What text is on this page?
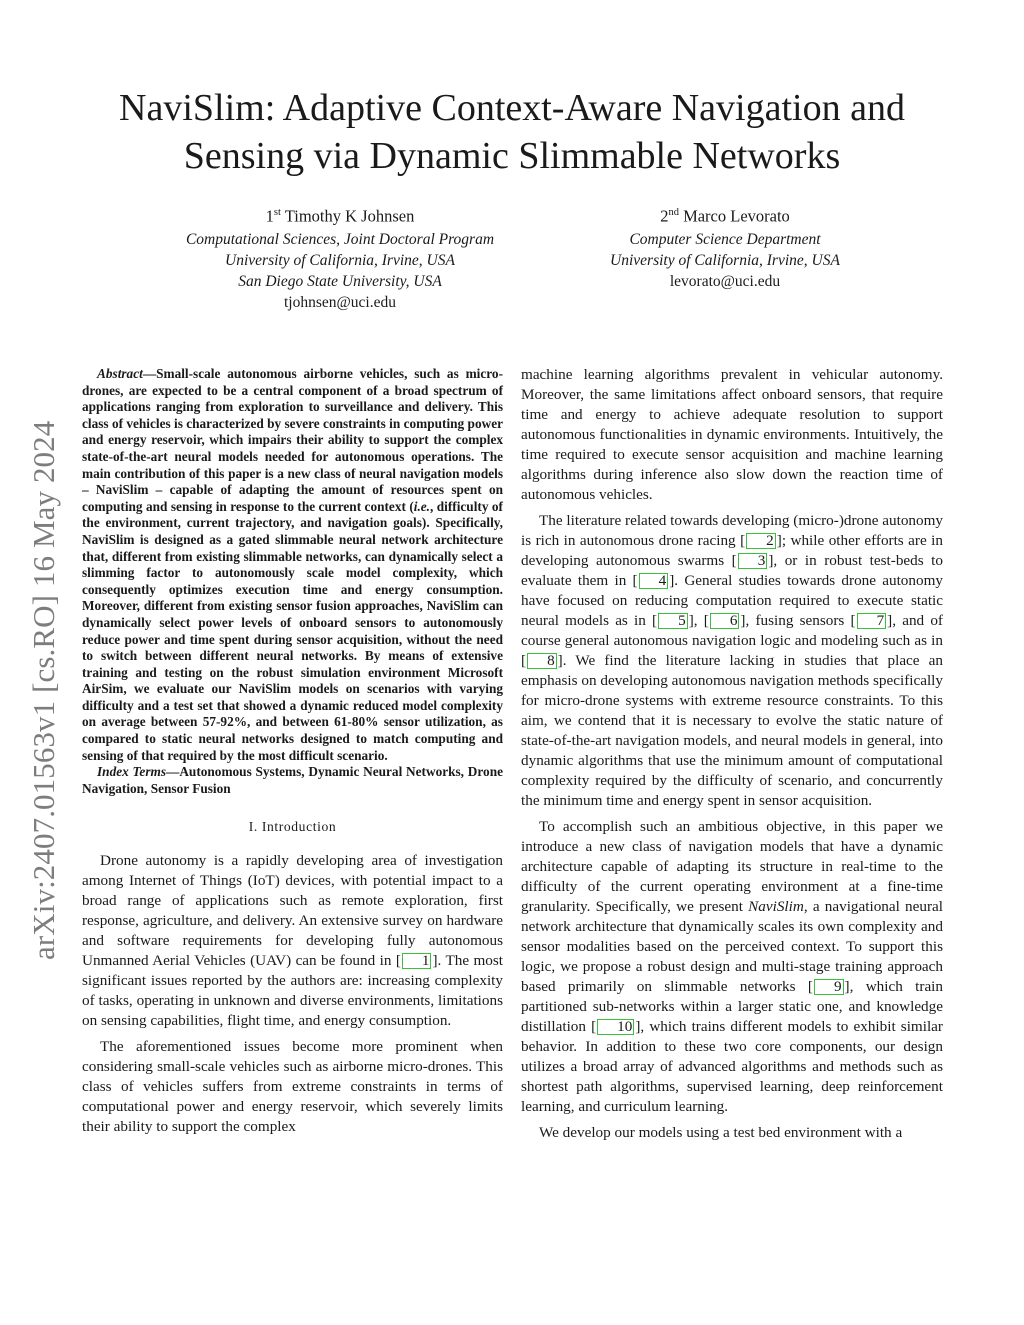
arXiv:2407.01563v1 [cs.RO] 16 May 2024
NaviSlim: Adaptive Context-Aware Navigation and Sensing via Dynamic Slimmable Networks
1st Timothy K Johnsen
Computational Sciences, Joint Doctoral Program
University of California, Irvine, USA
San Diego State University, USA
tjohnsen@uci.edu
2nd Marco Levorato
Computer Science Department
University of California, Irvine, USA
levorato@uci.edu

Abstract—Small-scale autonomous airborne vehicles, such as micro-drones, are expected to be a central component of a broad spectrum of applications ranging from exploration to surveillance and delivery. This class of vehicles is characterized by severe constraints in computing power and energy reservoir, which impairs their ability to support the complex state-of-the-art neural models needed for autonomous operations. The main contribution of this paper is a new class of neural navigation models – NaviSlim – capable of adapting the amount of resources spent on computing and sensing in response to the current context (i.e., difficulty of the environment, current trajectory, and navigation goals). Specifically, NaviSlim is designed as a gated slimmable neural network architecture that, different from existing slimmable networks, can dynamically select a slimming factor to autonomously scale model complexity, which consequently optimizes execution time and energy consumption. Moreover, different from existing sensor fusion approaches, NaviSlim can dynamically select power levels of onboard sensors to autonomously reduce power and time spent during sensor acquisition, without the need to switch between different neural networks. By means of extensive training and testing on the robust simulation environment Microsoft AirSim, we evaluate our NaviSlim models on scenarios with varying difficulty and a test set that showed a dynamic reduced model complexity on average between 57-92%, and between 61-80% sensor utilization, as compared to static neural networks designed to match computing and sensing of that required by the most difficult scenario.

Index Terms—Autonomous Systems, Dynamic Neural Networks, Drone Navigation, Sensor Fusion

I. Introduction

Drone autonomy is a rapidly developing area of investigation among Internet of Things (IoT) devices, with potential impact to a broad range of applications such as remote exploration, first response, agriculture, and delivery. An extensive survey on hardware and software requirements for developing fully autonomous Unmanned Aerial Vehicles (UAV) can be found in [ 1 ]. The most significant issues reported by the authors are: increasing complexity of tasks, operating in unknown and diverse environments, limitations on sensing capabilities, flight time, and energy consumption.

The aforementioned issues become more prominent when considering small-scale vehicles such as airborne micro-drones. This class of vehicles suffers from extreme constraints in terms of computational power and energy reservoir, which severely limits their ability to support the complex

machine learning algorithms prevalent in vehicular autonomy. Moreover, the same limitations affect onboard sensors, that require time and energy to achieve adequate resolution to support autonomous functionalities in dynamic environments. Intuitively, the time required to execute sensor acquisition and machine learning algorithms during inference also slow down the reaction time of autonomous vehicles.

The literature related towards developing (micro-)drone autonomy is rich in autonomous drone racing [ 2 ]; while other efforts are in developing autonomous swarms [ 3 ], or in robust test-beds to evaluate them in [ 4 ]. General studies towards drone autonomy have focused on reducing computation required to execute static neural models as in [ 5 ], [ 6 ], fusing sensors [ 7 ], and of course general autonomous navigation logic and modeling such as in [ 8 ]. We find the literature lacking in studies that place an emphasis on developing autonomous navigation methods specifically for micro-drone systems with extreme resource constraints. To this aim, we contend that it is necessary to evolve the static nature of state-of-the-art navigation models, and neural models in general, into dynamic algorithms that use the minimum amount of computational complexity required by the difficulty of scenario, and concurrently the minimum time and energy spent in sensor acquisition.

To accomplish such an ambitious objective, in this paper we introduce a new class of navigation models that have a dynamic architecture capable of adapting its structure in real-time to the difficulty of the current operating environment at a fine-time granularity. Specifically, we present NaviSlim, a navigational neural network architecture that dynamically scales its own complexity and sensor modalities based on the perceived context. To support this logic, we propose a robust design and multi-stage training approach based primarily on slimmable networks [ 9 ], which train partitioned sub-networks within a larger static one, and knowledge distillation [ 10 ], which trains different models to exhibit similar behavior. In addition to these two core components, our design utilizes a broad array of advanced algorithms and methods such as shortest path algorithms, supervised learning, deep reinforcement learning, and curriculum learning.

We develop our models using a test bed environment with a
